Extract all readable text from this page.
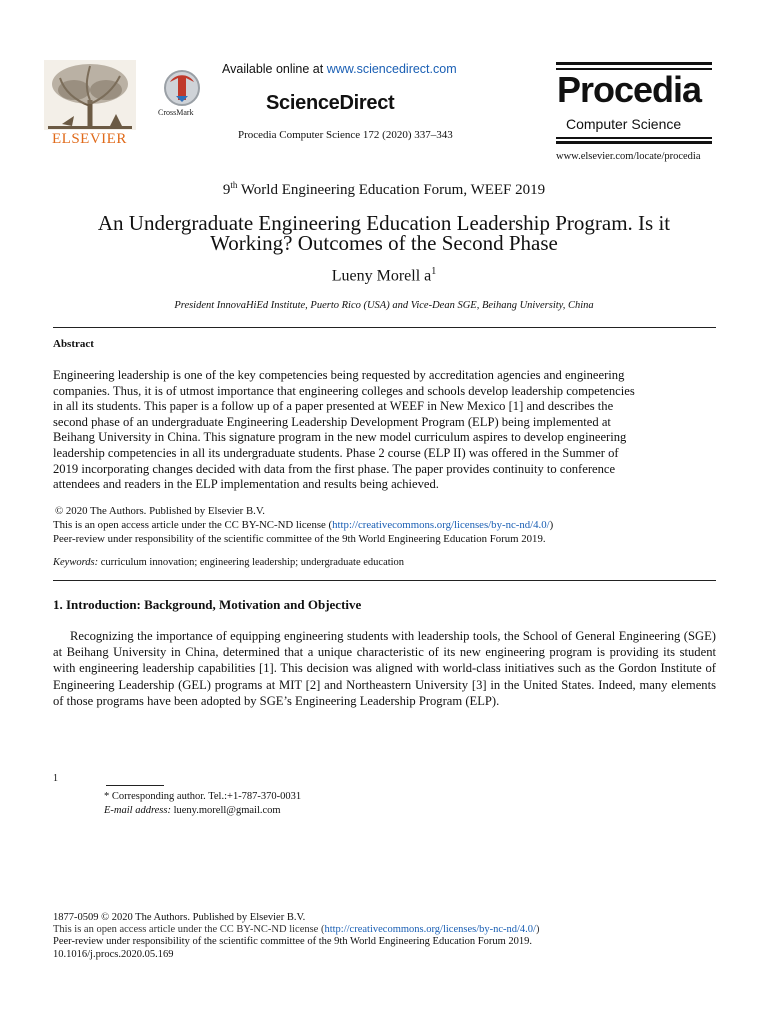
ELSEVIER
CrossMark
Available online at www.sciencedirect.com
ScienceDirect
Procedia Computer Science 172 (2020) 337–343
Procedia
Computer Science
www.elsevier.com/locate/procedia
9th World Engineering Education Forum, WEEF 2019
An Undergraduate Engineering Education Leadership Program. Is it
Working? Outcomes of the Second Phase
Lueny Morell $a^1$
President InnovaHiEd Institute, Puerto Rico (USA) and Vice-Dean SGE, Beihang University, China
Abstract
Engineering leadership is one of the key competencies being requested by accreditation agencies and engineering
companies. Thus, it is of utmost importance that engineering colleges and schools develop leadership competencies
in all its students. This paper is a follow up of a paper presented at WEEF in New Mexico [1] and describes the
second phase of an undergraduate Engineering Leadership Development Program (ELP) being implemented at
Beihang University in China. This signature program in the new model curriculum aspires to develop engineering
leadership competencies in all its undergraduate students. Phase 2 course (ELP II) was offered in the Summer of
2019 incorporating changes decided with data from the first phase. The paper provides continuity to conference
attendees and readers in the ELP implementation and results being achieved.
© 2020 The Authors. Published by Elsevier B.V.
This is an open access article under the CC BY-NC-ND license (http://creativecommons.org/licenses/by-nc-nd/4.0/)
Peer-review under responsibility of the scientific committee of the 9th World Engineering Education Forum 2019.
Keywords: curriculum innovation; engineering leadership; undergraduate education
1. Introduction: Background, Motivation and Objective
Recognizing the importance of equipping engineering students with leadership tools, the School of General Engineering (SGE) at Beihang University in China, determined that a unique characteristic of its new engineering program is providing its student with engineering leadership capabilities [1]. This decision was aligned with world-class initiatives such as the Gordon Institute of Engineering Leadership (GEL) programs at MIT [2] and Northeastern University [3] in the United States. Indeed, many elements of those programs have been adopted by SGE’s Engineering Leadership Program (ELP).
1
* Corresponding author. Tel.:+1-787-370-0031
E-mail address: lueny.morell@gmail.com
1877-0509 © 2020 The Authors. Published by Elsevier B.V.
This is an open access article under the CC BY-NC-ND license (http://creativecommons.org/licenses/by-nc-nd/4.0/)
Peer-review under responsibility of the scientific committee of the 9th World Engineering Education Forum 2019.
10.1016/j.procs.2020.05.169
